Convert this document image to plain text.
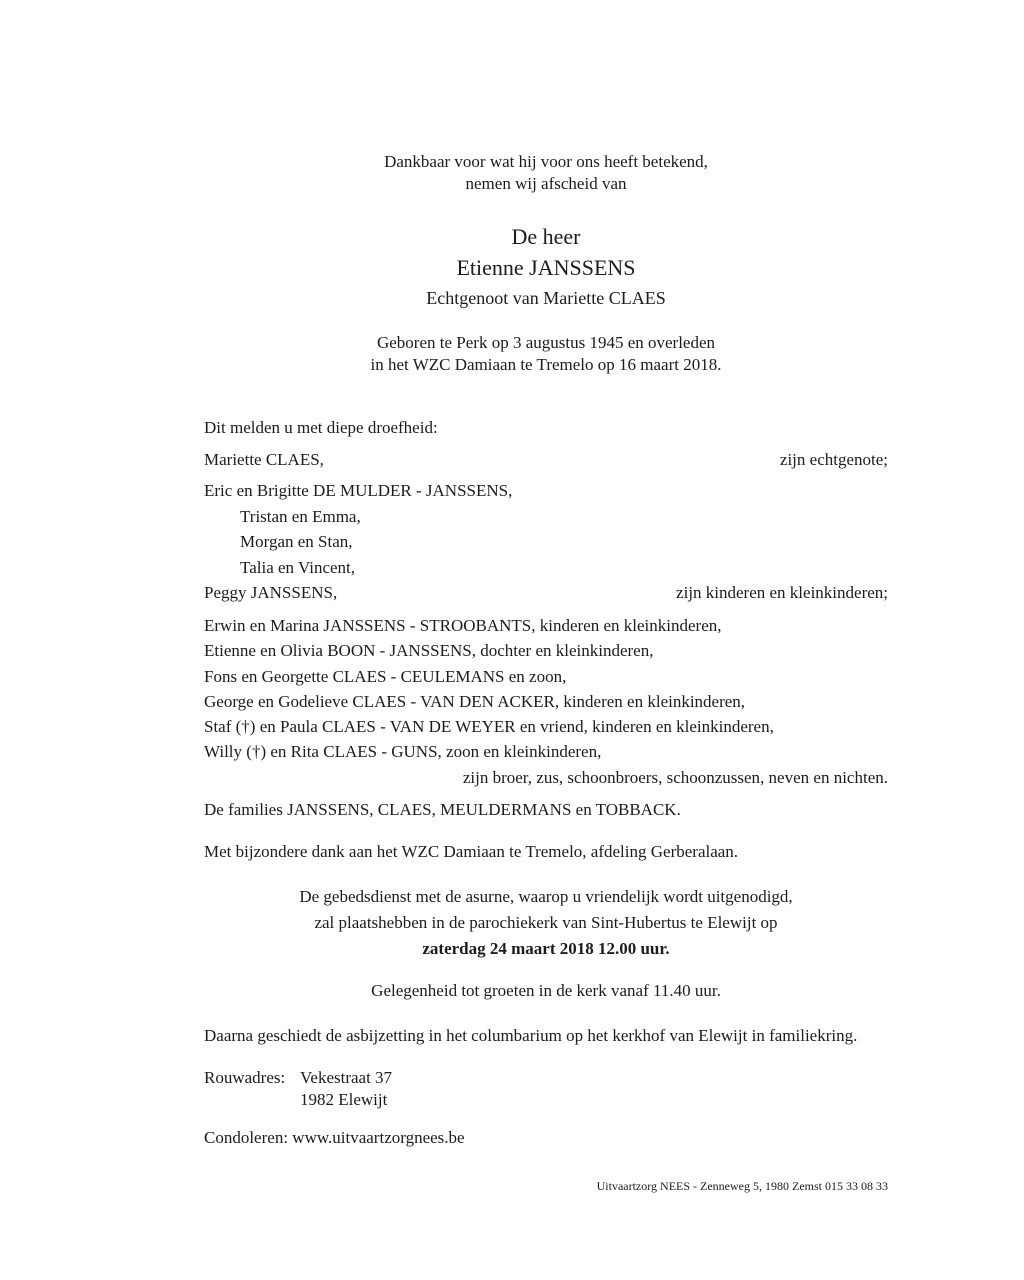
Dankbaar voor wat hij voor ons heeft betekend,
nemen wij afscheid van
De heer
Etienne JANSSENS
Echtgenoot van Mariette CLAES
Geboren te Perk op 3 augustus 1945 en overleden
in het WZC Damiaan te Tremelo op 16 maart 2018.
Dit melden u met diepe droefheid:
Mariette CLAES,	zijn echtgenote;
Eric en Brigitte DE MULDER - JANSSENS,
Tristan en Emma,
Morgan en Stan,
Talia en Vincent,
Peggy JANSSENS,	zijn kinderen en kleinkinderen;
Erwin en Marina JANSSENS - STROOBANTS, kinderen en kleinkinderen,
Etienne en Olivia BOON - JANSSENS, dochter en kleinkinderen,
Fons en Georgette CLAES - CEULEMANS en zoon,
George en Godelieve CLAES - VAN DEN ACKER, kinderen en kleinkinderen,
Staf (†) en Paula CLAES - VAN DE WEYER en vriend, kinderen en kleinkinderen,
Willy (†) en Rita CLAES - GUNS, zoon en kleinkinderen,
zijn broer, zus, schoonbroers, schoonzussen, neven en nichten.
De families JANSSENS, CLAES, MEULDERMANS en TOBBACK.
Met bijzondere dank aan het WZC Damiaan te Tremelo, afdeling Gerberalaan.
De gebedsdienst met de asurne, waarop u vriendelijk wordt uitgenodigd,
zal plaatshebben in de parochiekerk van Sint-Hubertus te Elewijt op
zaterdag 24 maart 2018 12.00 uur.
Gelegenheid tot groeten in de kerk vanaf 11.40 uur.
Daarna geschiedt de asbijzetting in het columbarium op het kerkhof van Elewijt in familiekring.
Rouwadres: Vekestraat 37
1982 Elewijt
Condoleren: www.uitvaartzorgnees.be
Uitvaartzorg NEES - Zenneweg 5, 1980 Zemst 015 33 08 33
